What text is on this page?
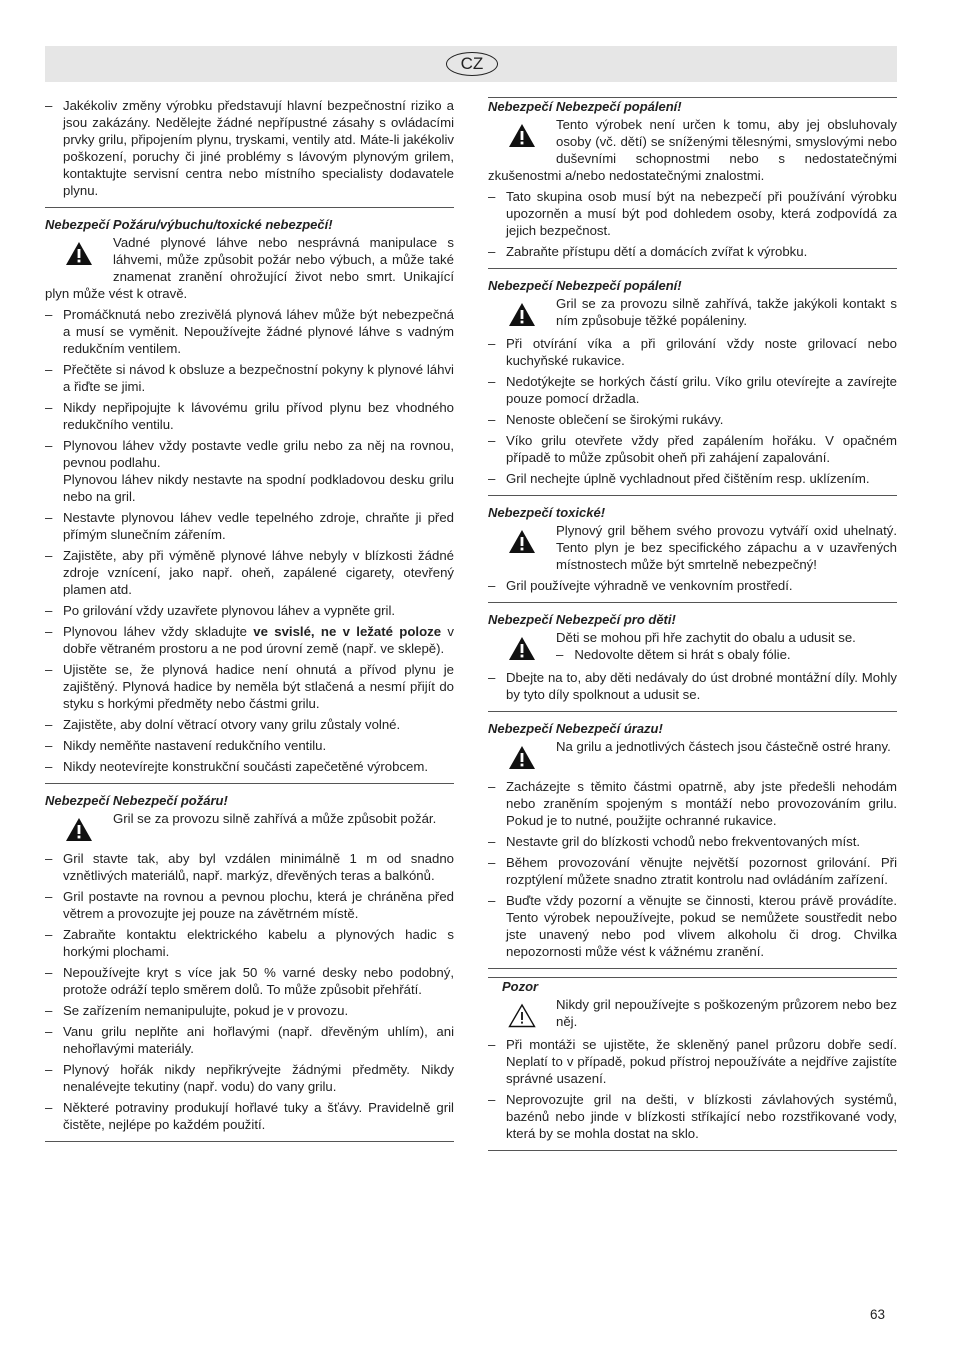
CZ
– Jakékoliv změny výrobku představují hlavní bezpečnostní riziko a jsou zakázány. Nedělejte žádné nepřípustné zásahy s ovládacími prvky grilu, připojením plynu, tryskami, ventily atd. Máte-li jakékoliv poškození, poruchy či jiné problémy s lávovým plynovým grilem, kontaktujte servisní centra nebo místního specialisty dodavatele plynu.
Nebezpečí Požáru/výbuchu/toxické nebezpečí!
Vadné plynové láhve nebo nesprávná manipulace s láhvemi, může způsobit požár nebo výbuch, a může také znamenat zranění ohrožující život nebo smrt. Unikající plyn může vést k otravě.
– Promáčknutá nebo zrezivělá plynová láhev může být nebezpečná a musí se vyměnit. Nepoužívejte žádné plynové láhve s vadným redukčním ventilem.
– Přečtěte si návod k obsluze a bezpečnostní pokyny k plynové láhvi a řiďte se jimi.
– Nikdy nepřipojujte k lávovému grilu přívod plynu bez vhodného redukčního ventilu.
– Plynovou láhev vždy postavte vedle grilu nebo za něj na rovnou, pevnou podlahu.
Plynovou láhev nikdy nestavte na spodní podkladovou desku grilu nebo na gril.
– Nestavte plynovou láhev vedle tepelného zdroje, chraňte ji před přímým slunečním zářením.
– Zajistěte, aby při výměně plynové láhve nebyly v blízkosti žádné zdroje vznícení, jako např. oheň, zapálené cigarety, otevřený plamen atd.
– Po grilování vždy uzavřete plynovou láhev a vypněte gril.
– Plynovou láhev vždy skladujte ve svislé, ne v ležaté poloze v dobře větraném prostoru a ne pod úrovní země (např. ve sklepě).
– Ujistěte se, že plynová hadice není ohnutá a přívod plynu je zajištěný. Plynová hadice by neměla být stlačená a nesmí přijít do styku s horkými předměty nebo částmi grilu.
– Zajistěte, aby dolní větrací otvory vany grilu zůstaly volné.
– Nikdy neměňte nastavení redukčního ventilu.
– Nikdy neotevírejte konstrukční součásti zapečetěné výrobcem.
Nebezpečí Nebezpečí požáru!
Gril se za provozu silně zahřívá a může způsobit požár.
– Gril stavte tak, aby byl vzdálen minimálně 1 m od snadno vznětlivých materiálů, např. markýz, dřevěných teras a balkónů.
– Gril postavte na rovnou a pevnou plochu, která je chráněna před větrem a provozujte jej pouze na závětrném místě.
– Zabraňte kontaktu elektrického kabelu a plynových hadic s horkými plochami.
– Nepoužívejte kryt s více jak 50 % varné desky nebo podobný, protože odráží teplo směrem dolů. To může způsobit přehřátí.
– Se zařízením nemanipulujte, pokud je v provozu.
– Vanu grilu neplňte ani hořlavými (např. dřevěným uhlím), ani nehořlavými materiály.
– Plynový hořák nikdy nepřikrývejte žádnými předměty. Nikdy nenalévejte tekutiny (např. vodu) do vany grilu.
– Některé potraviny produkují hořlavé tuky a šťávy. Pravidelně gril čistěte, nejlépe po každém použití.
Nebezpečí Nebezpečí popálení!
Tento výrobek není určen k tomu, aby jej obsluhovaly osoby (vč. dětí) se sníženými tělesnými, smyslovými nebo duševními schopnostmi nebo s nedostatečnými zkušenostmi a/nebo nedostatečnými znalostmi.
– Tato skupina osob musí být na nebezpečí při používání výrobku upozorněn a musí být pod dohledem osoby, která zodpovídá za jejich bezpečnost.
– Zabraňte přístupu dětí a domácích zvířat k výrobku.
Nebezpečí Nebezpečí popálení!
Gril se za provozu silně zahřívá, takže jakýkoli kontakt s ním způsobuje těžké popáleniny.
– Při otvírání víka a při grilování vždy noste grilovací nebo kuchyňské rukavice.
– Nedotýkejte se horkých částí grilu. Víko grilu otevírejte a zavírejte pouze pomocí držadla.
– Nenoste oblečení se širokými rukávy.
– Víko grilu otevřete vždy před zapálením hořáku. V opačném případě to může způsobit oheň při zahájení zapalování.
– Gril nechejte úplně vychladnout před čištěním resp. uklízením.
Nebezpečí toxické!
Plynový gril během svého provozu vytváří oxid uhelnatý. Tento plyn je bez specifického zápachu a v uzavřených místnostech může být smrtelně nebezpečný!
– Gril používejte výhradně ve venkovním prostředí.
Nebezpečí Nebezpečí pro děti!
Děti se mohou při hře zachytit do obalu a udusit se.
–   Nedovolte dětem si hrát s obaly fólie.
– Dbejte na to, aby děti nedávaly do úst drobné montážní díly. Mohly by tyto díly spolknout a udusit se.
Nebezpečí Nebezpečí úrazu!
Na grilu a jednotlivých částech jsou částečně ostré hrany.
– Zacházejte s těmito částmi opatrně, aby jste předešli nehodám nebo zraněním spojeným s montáží nebo provozováním grilu. Pokud je to nutné, použijte ochranné rukavice.
– Nestavte gril do blízkosti vchodů nebo frekventovaných míst.
– Během provozování věnujte největší pozornost grilování. Při rozptýlení můžete snadno ztratit kontrolu nad ovládáním zařízení.
– Buďte vždy pozorní a věnujte se činnosti, kterou právě provádíte. Tento výrobek nepoužívejte, pokud se nemůžete soustředit nebo jste unavený nebo pod vlivem alkoholu či drog. Chvilka nepozornosti může vést k vážnému zranění.
Pozor
Nikdy gril nepoužívejte s poškozeným průzorem nebo bez něj.
– Při montáži se ujistěte, že skleněný panel průzoru dobře sedí. Neplatí to v případě, pokud přístroj nepoužíváte a nejdříve zajistíte správné usazení.
– Neprovozujte gril na dešti, v blízkosti závlahových systémů, bazénů nebo jinde v blízkosti stříkající nebo rozstřikované vody, která by se mohla dostat na sklo.
63
